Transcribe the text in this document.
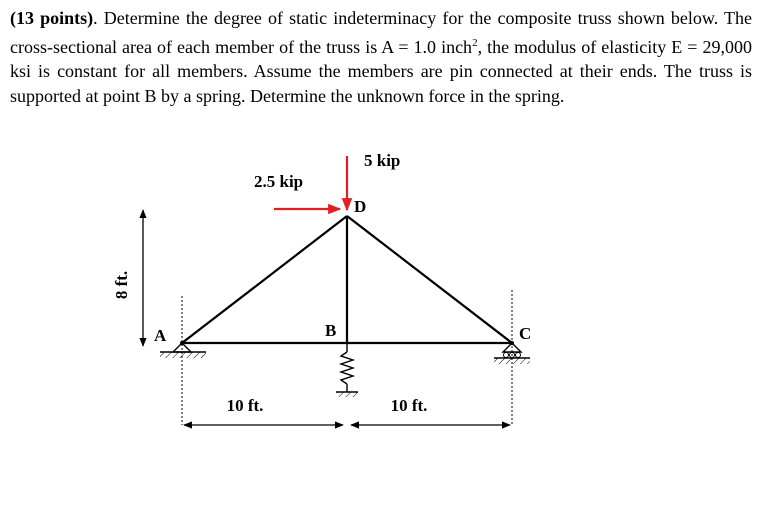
(13 points). Determine the degree of static indeterminacy for the composite truss shown below. The cross-sectional area of each member of the truss is A = 1.0 inch$^2$, the modulus of elasticity E = 29,000 ksi is constant for all members. Assume the members are pin connected at their ends. The truss is supported at point B by a spring. Determine the unknown force in the spring.

8 ft.
10 ft.	10 ft.
5 kip
2.5 kip
A	B	C
D
